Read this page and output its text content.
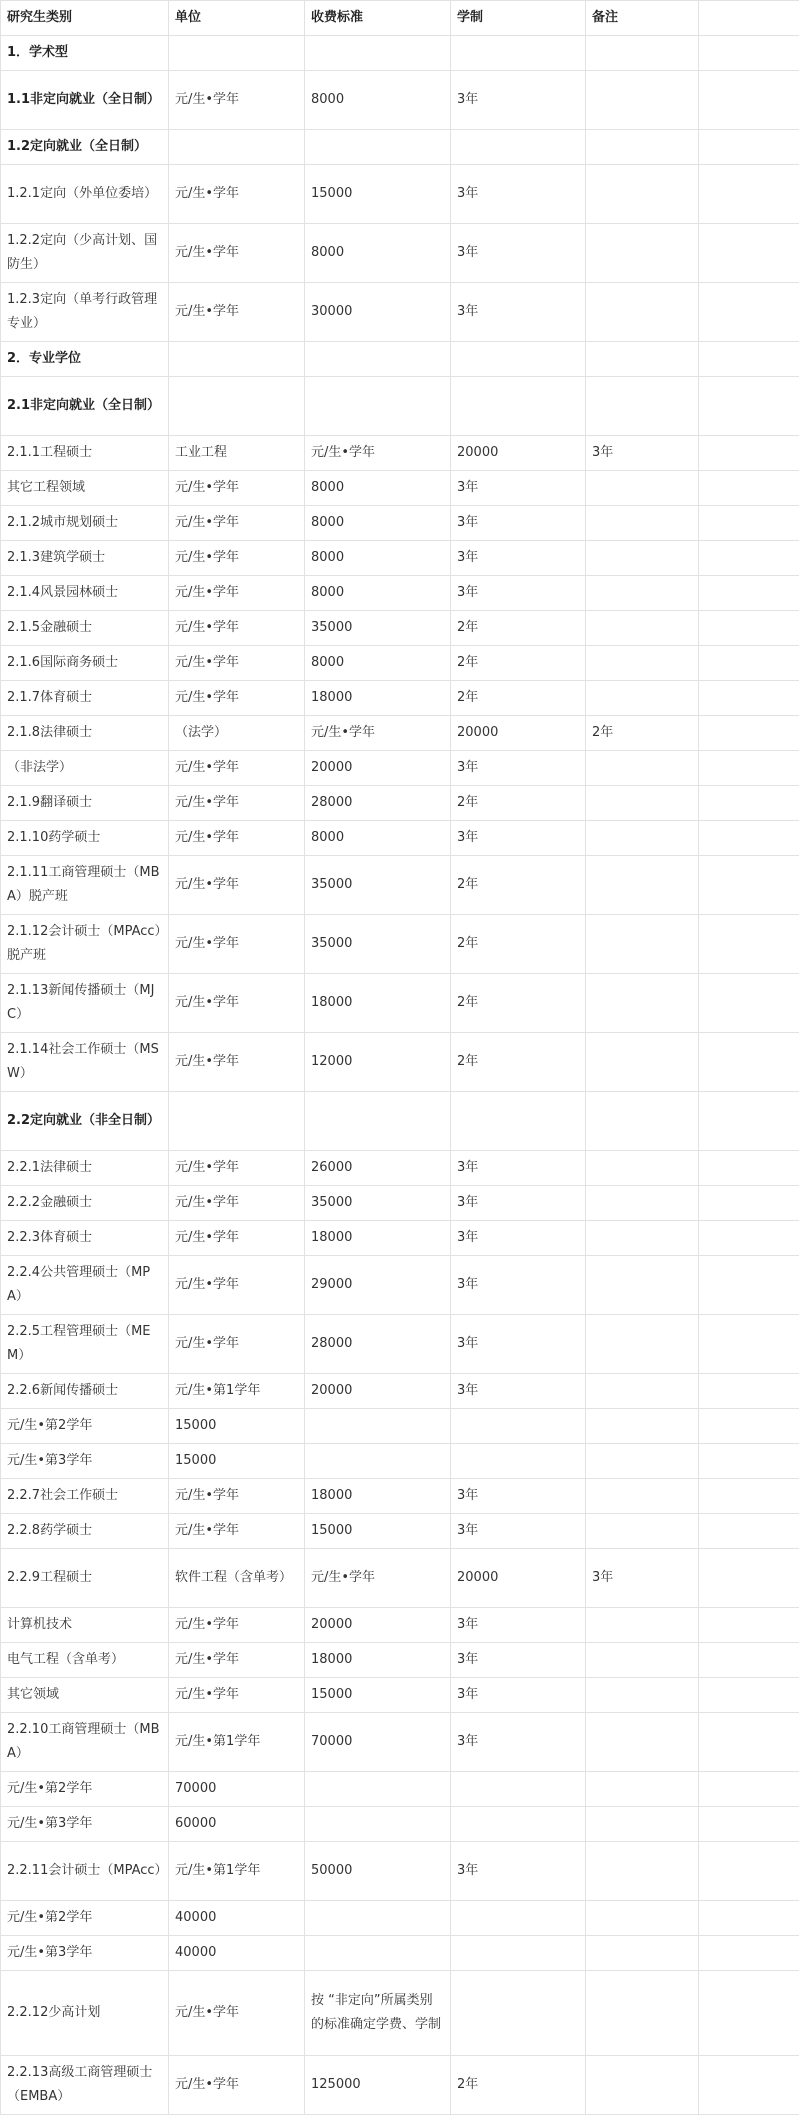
研究生类别	单位	收费标准	学制	备注	
1．学术型					
1.1非定向就业（全日制）	元/生•学年	8000	3年		
1.2定向就业（全日制）					
1.2.1定向（外单位委培）	元/生•学年	15000	3年		
1.2.2定向（少高计划、国防生）	元/生•学年	8000	3年		
1.2.3定向（单考行政管理专业）	元/生•学年	30000	3年		
2．专业学位					
2.1非定向就业（全日制）					
2.1.1工程硕士	工业工程	元/生•学年	20000	3年	
其它工程领域	元/生•学年	8000	3年		
2.1.2城市规划硕士	元/生•学年	8000	3年		
2.1.3建筑学硕士	元/生•学年	8000	3年		
2.1.4风景园林硕士	元/生•学年	8000	3年		
2.1.5金融硕士	元/生•学年	35000	2年		
2.1.6国际商务硕士	元/生•学年	8000	2年		
2.1.7体育硕士	元/生•学年	18000	2年		
2.1.8法律硕士	（法学）	元/生•学年	20000	2年	
（非法学）	元/生•学年	20000	3年		
2.1.9翻译硕士	元/生•学年	28000	2年		
2.1.10药学硕士	元/生•学年	8000	3年		
2.1.11工商管理硕士（MBA）脱产班	元/生•学年	35000	2年		
2.1.12会计硕士（MPAcc）脱产班	元/生•学年	35000	2年		
2.1.13新闻传播硕士（MJC）	元/生•学年	18000	2年		
2.1.14社会工作硕士（MSW）	元/生•学年	12000	2年		
2.2定向就业（非全日制）					
2.2.1法律硕士	元/生•学年	26000	3年		
2.2.2金融硕士	元/生•学年	35000	3年		
2.2.3体育硕士	元/生•学年	18000	3年		
2.2.4公共管理硕士（MPA）	元/生•学年	29000	3年		
2.2.5工程管理硕士（MEM）	元/生•学年	28000	3年		
2.2.6新闻传播硕士	元/生•第1学年	20000	3年		
元/生•第2学年	15000				
元/生•第3学年	15000				
2.2.7社会工作硕士	元/生•学年	18000	3年		
2.2.8药学硕士	元/生•学年	15000	3年		
2.2.9工程硕士	软件工程（含单考）	元/生•学年	20000	3年	
计算机技术	元/生•学年	20000	3年		
电气工程（含单考）	元/生•学年	18000	3年		
其它领域	元/生•学年	15000	3年		
2.2.10工商管理硕士（MBA）	元/生•第1学年	70000	3年		
元/生•第2学年	70000				
元/生•第3学年	60000				
2.2.11会计硕士（MPAcc）	元/生•第1学年	50000	3年		
元/生•第2学年	40000				
元/生•第3学年	40000				
2.2.12少高计划	元/生•学年	按 “非定向”所属类别的标准确定学费、学制			
2.2.13高级工商管理硕士（EMBA）	元/生•学年	125000	2年		
